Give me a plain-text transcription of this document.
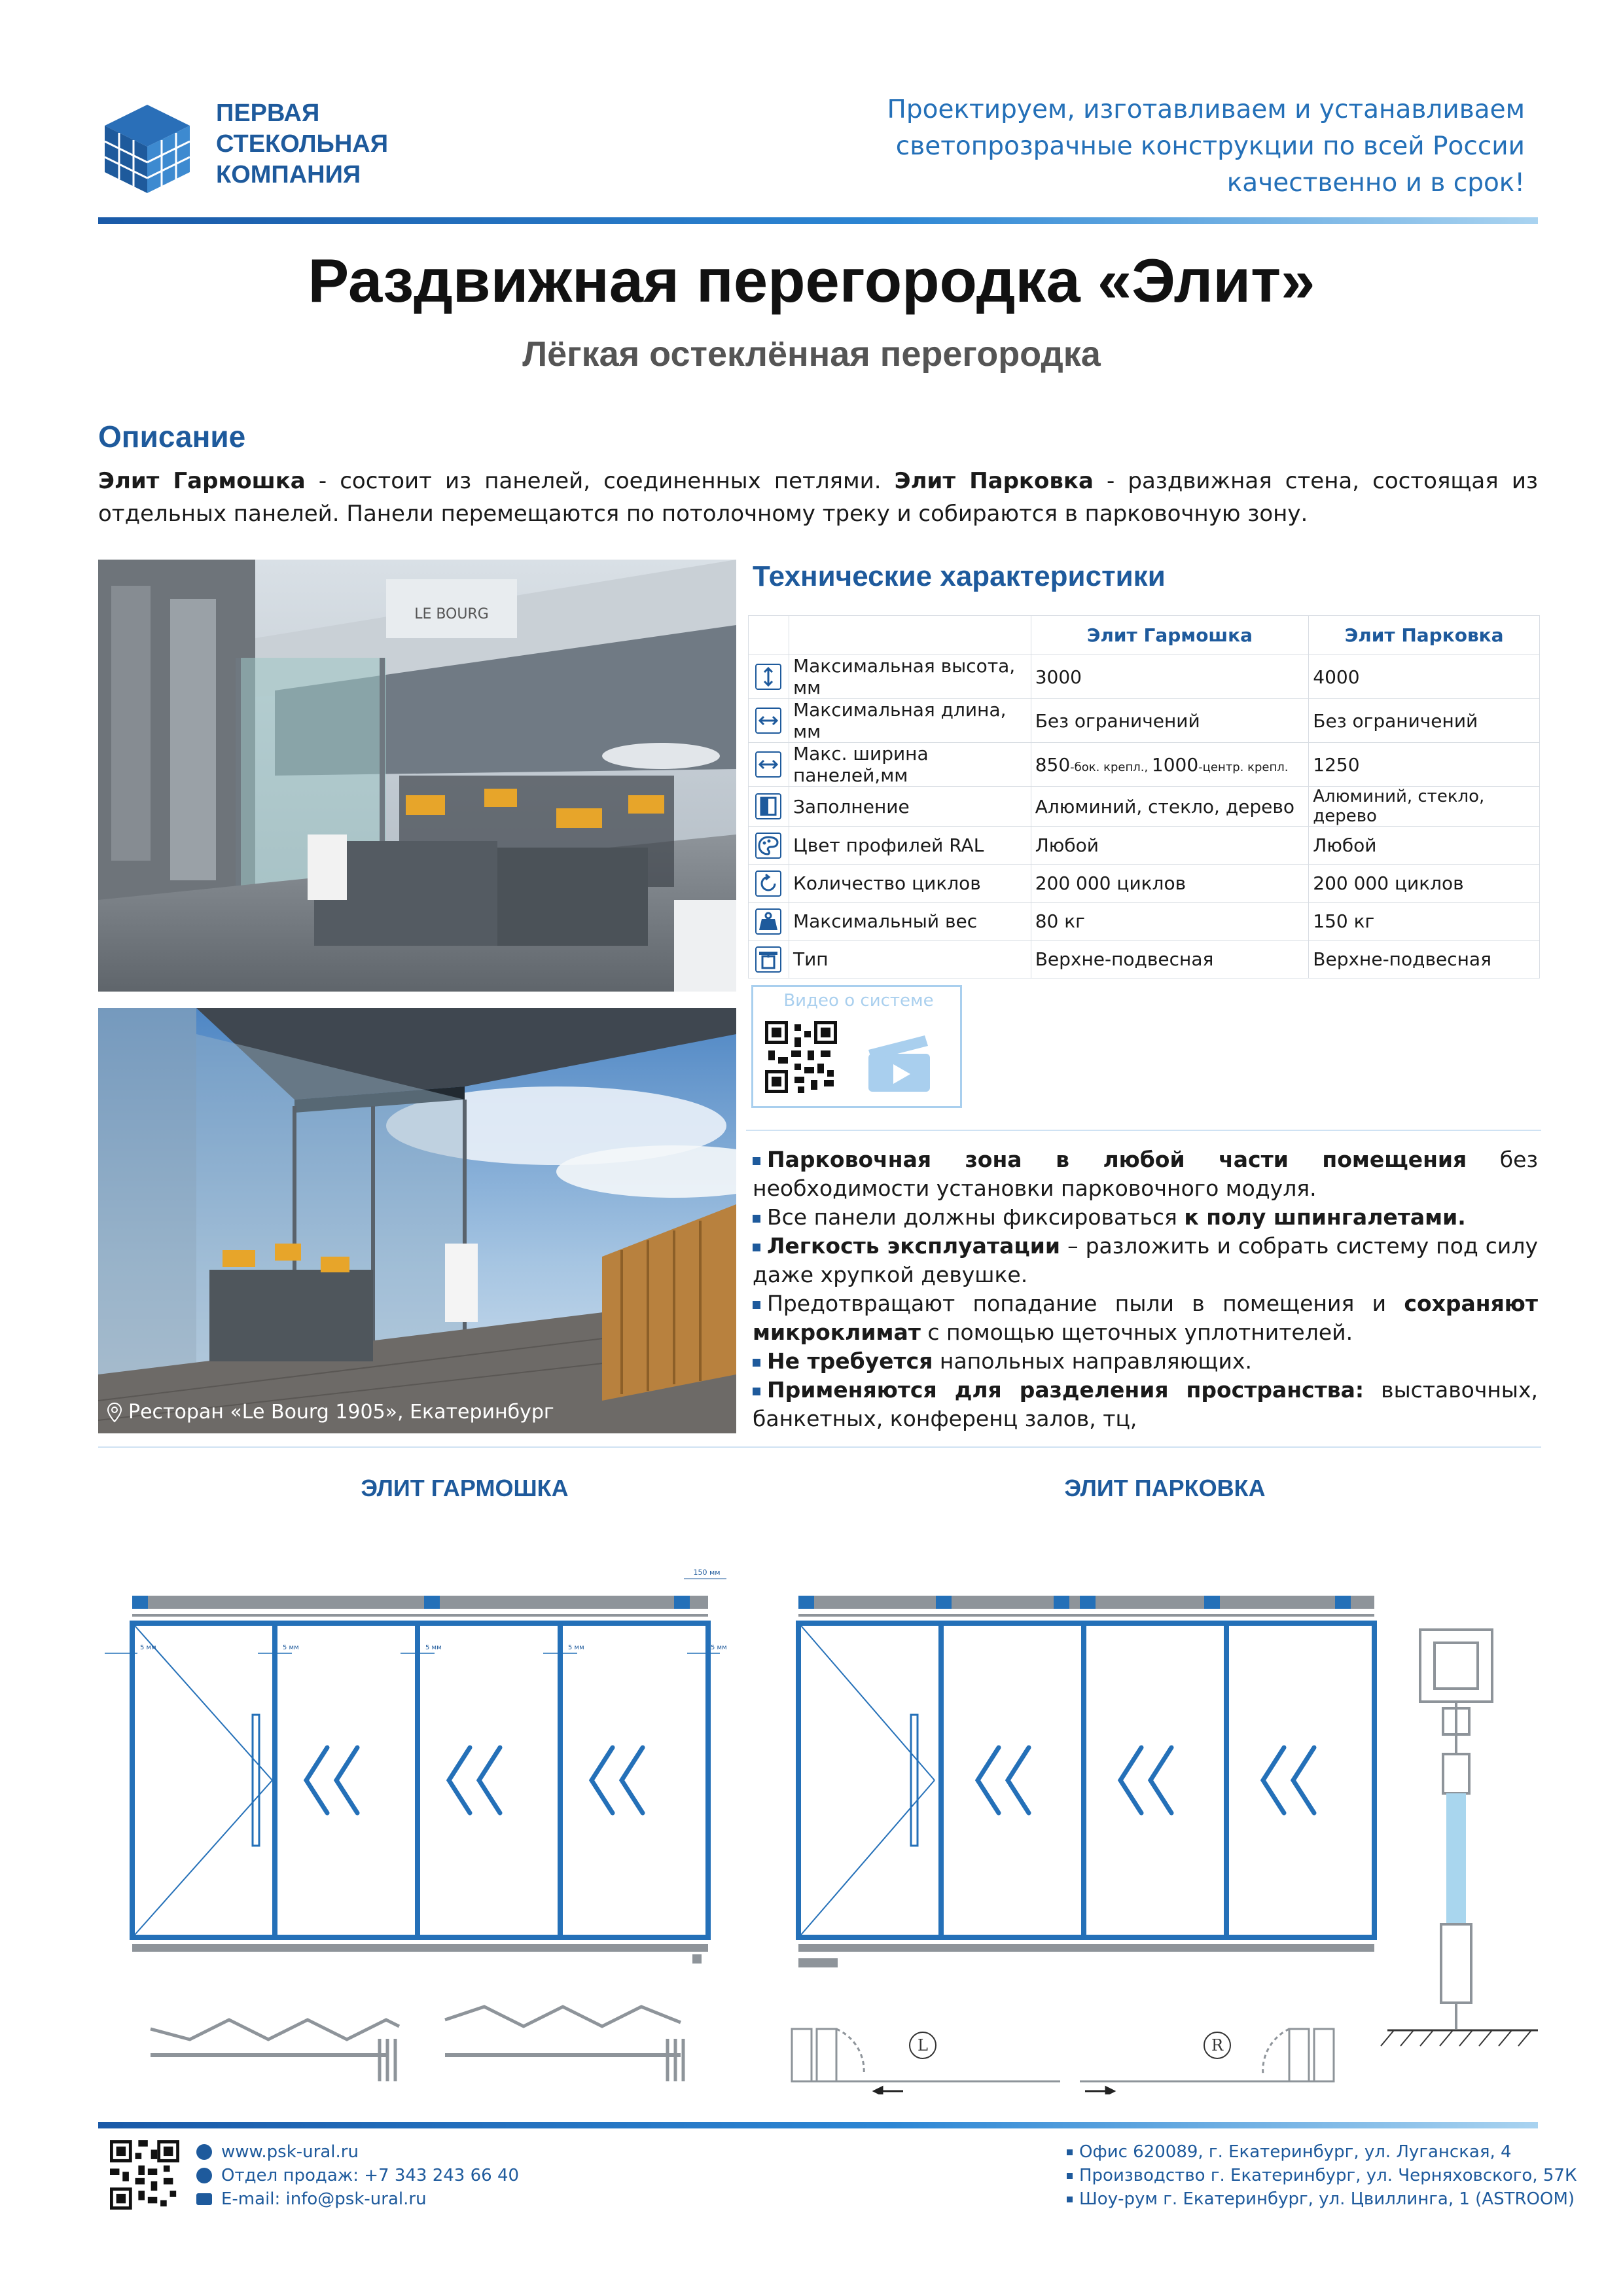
ПЕРВАЯ
СТЕКОЛЬНАЯ
КОМПАНИЯ
Проектируем, изготавливаем и устанавливаем
светопрозрачные конструкции по всей России
качественно и в срок!
Раздвижная перегородка «Элит»
Лёгкая остеклённая перегородка
Описание
Элит Гармошка - состоит из панелей, соединенных петлями. Элит Парковка - раздвижная стена, состоящая из отдельных панелей. Панели перемещаются по потолочному треку и собираются в парковочную зону.
LE BOURG
Ресторан «Le Bourg 1905», Екатеринбург
Технические характеристики
		Элит Гармошка	Элит Парковка
	Максимальная высота, мм	3000	4000
	Максимальная длина, мм	Без ограничений	Без ограничений
	Макс. ширина панелей,мм	850-бок. крепл., 1000-центр. крепл.	1250
	Заполнение	Алюминий, стекло, дерево	Алюминий, стекло, дерево
	Цвет профилей RAL	Любой	Любой
	Количество циклов	200 000 циклов	200 000 циклов
	Максимальный вес	80 кг	150 кг
	Тип	Верхне-подвесная	Верхне-подвесная
Видео о системе

Парковочная зона в любой части помещения без необходимости установки парковочного модуля.

Все панели должны фиксироваться к полу шпингалетами.

Легкость эксплуатации – разложить и собрать систему под силу даже хрупкой девушке.

Предотвращают попадание пыли в помещения и сохраняют микроклимат с помощью щеточных уплотнителей.

Не требуется напольных направляющих.

Применяются для разделения пространства: выставочных, банкетных, конференц залов, тц,

ЭЛИТ ГАРМОШКА	ЭЛИТ ПАРКОВКА
150 мм
5 мм	5 мм	5 мм	5 мм	5 мм
L	R
www.psk-ural.ru
Отдел продаж: +7 343 243 66 40
E-mail: info@psk-ural.ru
Офис 620089, г. Екатеринбург, ул. Луганская, 4
Производство г. Екатеринбург, ул. Черняховского, 57К
Шоу-рум г. Екатеринбург, ул. Цвиллинга, 1 (ASTROOM)
